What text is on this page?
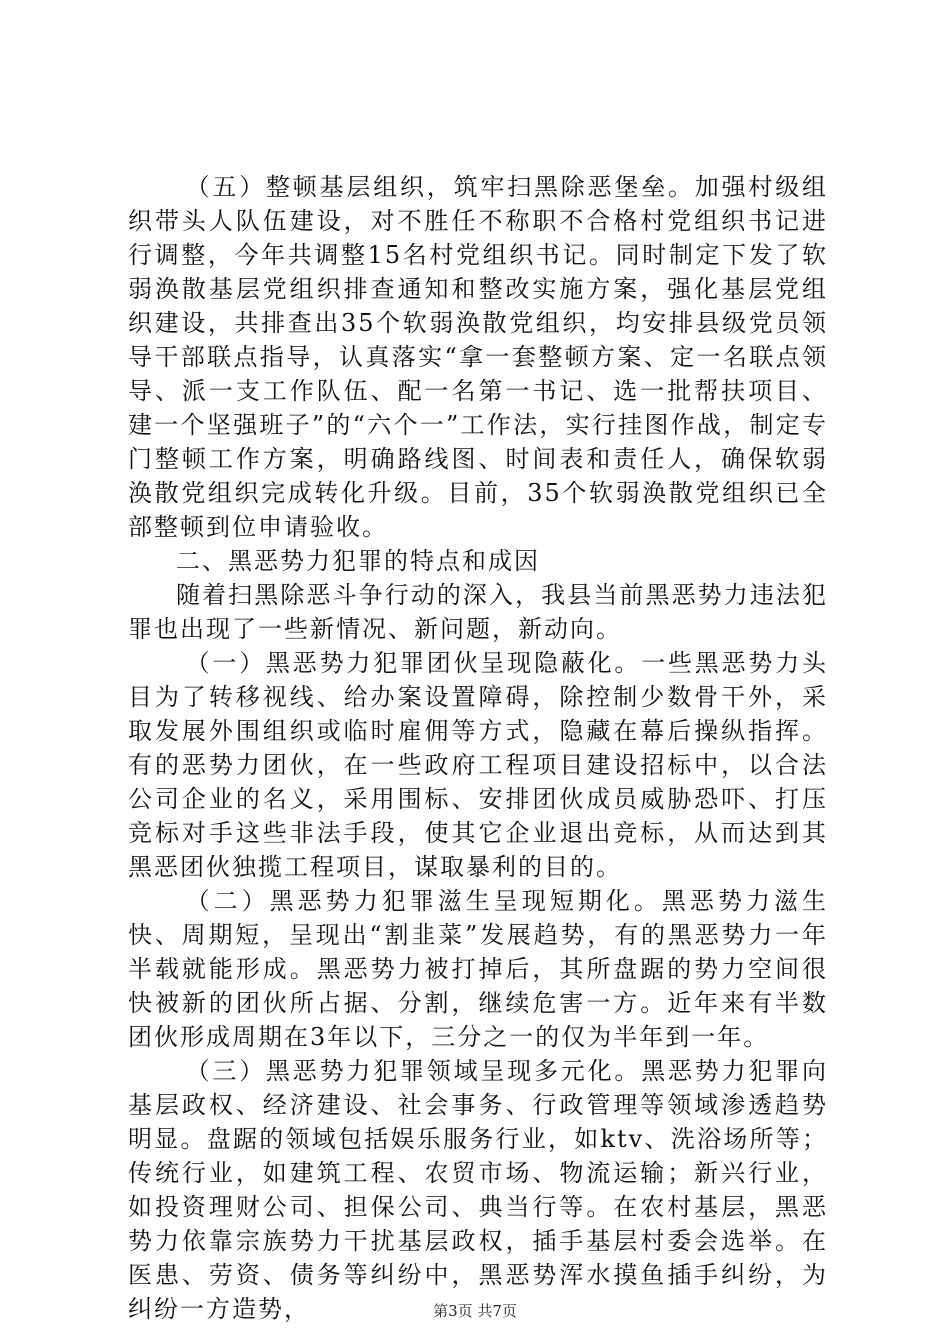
（五）整顿基层组织，筑牢扫黑除恶堡垒。加强村级组织带头人队伍建设，对不胜任不称职不合格村党组织书记进行调整，今年共调整15名村党组织书记。同时制定下发了软弱涣散基层党组织排查通知和整改实施方案，强化基层党组织建设，共排查出35个软弱涣散党组织，均安排县级党员领导干部联点指导，认真落实“拿一套整顿方案、定一名联点领导、派一支工作队伍、配一名第一书记、选一批帮扶项目、建一个坚强班子”的“六个一”工作法，实行挂图作战，制定专门整顿工作方案，明确路线图、时间表和责任人，确保软弱涣散党组织完成转化升级。目前，35个软弱涣散党组织已全部整顿到位申请验收。

二、黑恶势力犯罪的特点和成因

随着扫黑除恶斗争行动的深入，我县当前黑恶势力违法犯罪也出现了一些新情况、新问题，新动向。

（一）黑恶势力犯罪团伙呈现隐蔽化。一些黑恶势力头目为了转移视线、给办案设置障碍，除控制少数骨干外，采取发展外围组织或临时雇佣等方式，隐藏在幕后操纵指挥。有的恶势力团伙，在一些政府工程项目建设招标中，以合法公司企业的名义，采用围标、安排团伙成员威胁恐吓、打压竞标对手这些非法手段，使其它企业退出竞标，从而达到其黑恶团伙独揽工程项目，谋取暴利的目的。

（二）黑恶势力犯罪滋生呈现短期化。黑恶势力滋生快、周期短，呈现出“割韭菜”发展趋势，有的黑恶势力一年半载就能形成。黑恶势力被打掉后，其所盘踞的势力空间很快被新的团伙所占据、分割，继续危害一方。近年来有半数团伙形成周期在3年以下，三分之一的仅为半年到一年。

（三）黑恶势力犯罪领域呈现多元化。黑恶势力犯罪向基层政权、经济建设、社会事务、行政管理等领域渗透趋势明显。盘踞的领域包括娱乐服务行业，如ktv、洗浴场所等；传统行业，如建筑工程、农贸市场、物流运输；新兴行业，如投资理财公司、担保公司、典当行等。在农村基层，黑恶势力依靠宗族势力干扰基层政权，插手基层村委会选举。在医患、劳资、债务等纠纷中，黑恶势浑水摸鱼插手纠纷，为纠纷一方造势，	第3页 共7页
